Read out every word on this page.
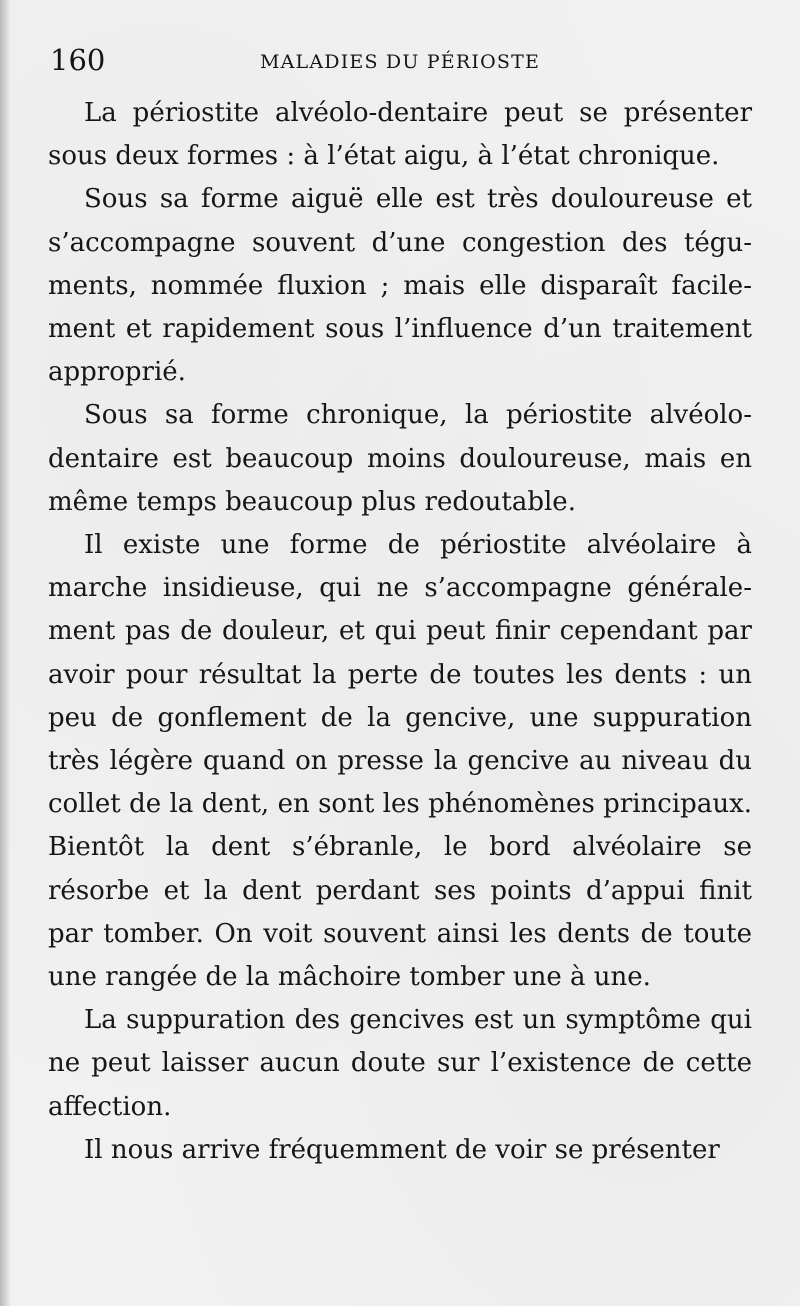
160	MALADIES DU PÉRIOSTE

La périostite alvéolo-dentaire peut se présenter sous deux formes : à l’état aigu, à l’état chronique.

Sous sa forme aiguë elle est très douloureuse et s’accompagne souvent d’une congestion des téguments, nommée fluxion ; mais elle disparaît facilement et rapidement sous l’influence d’un traitement approprié.

Sous sa forme chronique, la périostite alvéolo-dentaire est beaucoup moins douloureuse, mais en même temps beaucoup plus redoutable.

Il existe une forme de périostite alvéolaire à marche insidieuse, qui ne s’accompagne généralement pas de douleur, et qui peut finir cependant par avoir pour résultat la perte de toutes les dents : un peu de gonflement de la gencive, une suppuration très légère quand on presse la gencive au niveau du collet de la dent, en sont les phénomènes principaux. Bientôt la dent s’ébranle, le bord alvéolaire se résorbe et la dent perdant ses points d’appui finit par tomber. On voit souvent ainsi les dents de toute une rangée de la mâchoire tomber une à une.

La suppuration des gencives est un symptôme qui ne peut laisser aucun doute sur l’existence de cette affection.

Il nous arrive fréquemment de voir se présenter
